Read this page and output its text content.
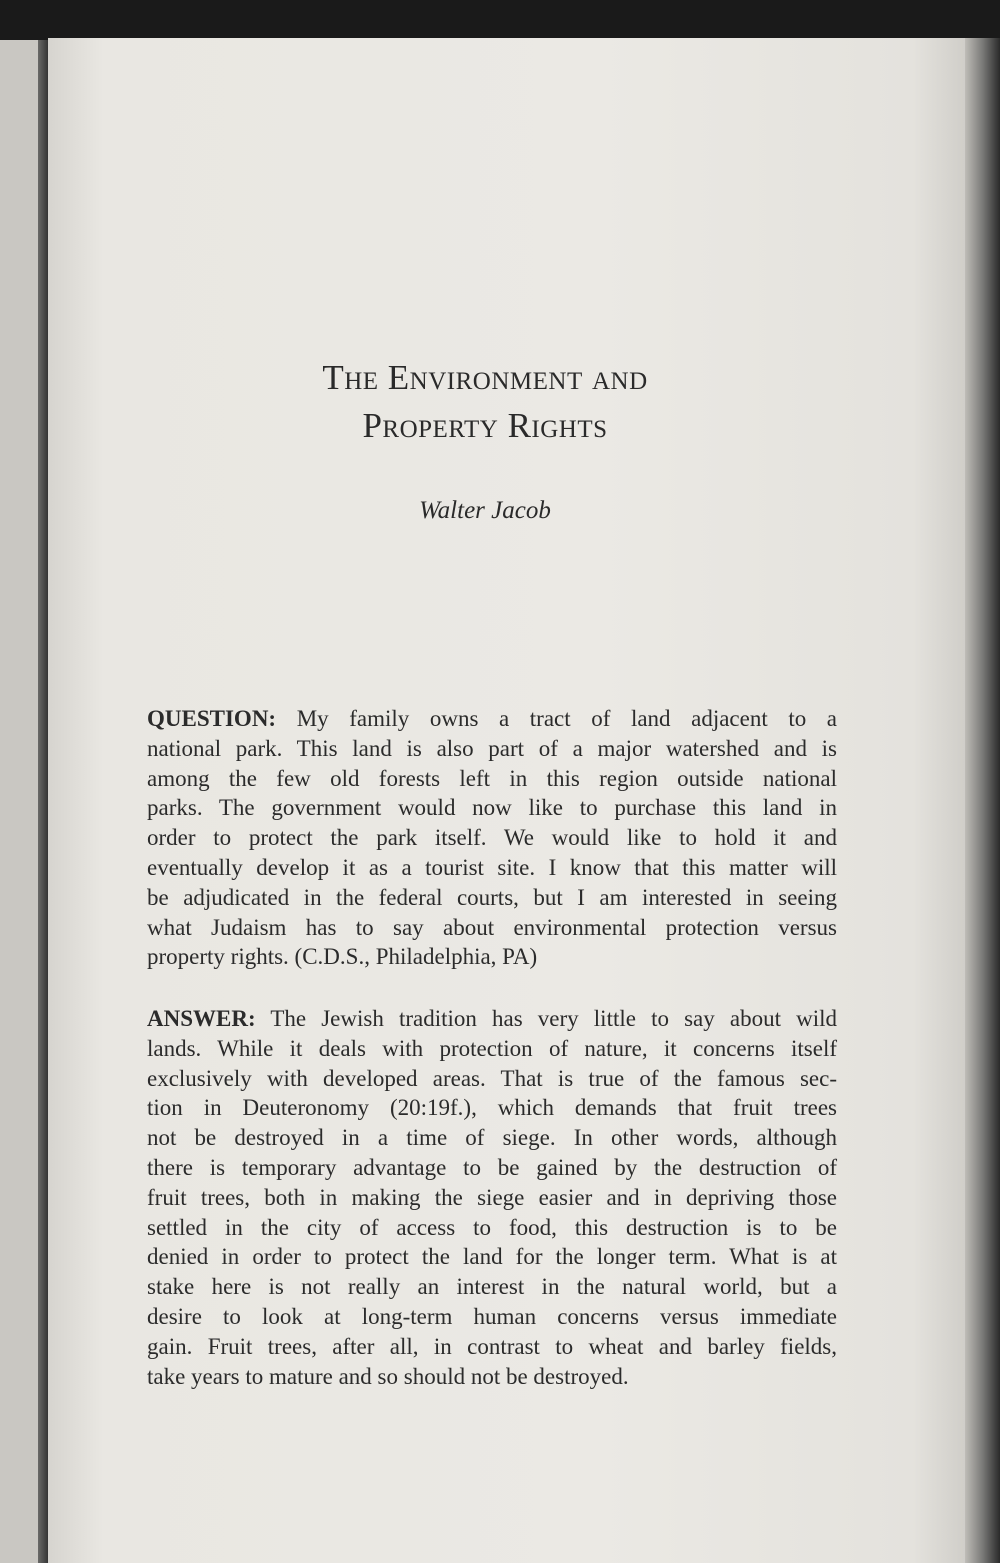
The Environment and
Property Rights
Walter Jacob
QUESTION: My family owns a tract of land adjacent to a
national park. This land is also part of a major watershed and is
among the few old forests left in this region outside national
parks. The government would now like to purchase this land in
order to protect the park itself. We would like to hold it and
eventually develop it as a tourist site. I know that this matter will
be adjudicated in the federal courts, but I am interested in seeing
what Judaism has to say about environmental protection versus
property rights. (C.D.S., Philadelphia, PA)
ANSWER: The Jewish tradition has very little to say about wild
lands. While it deals with protection of nature, it concerns itself
exclusively with developed areas. That is true of the famous sec-
tion in Deuteronomy (20:19f.), which demands that fruit trees
not be destroyed in a time of siege. In other words, although
there is temporary advantage to be gained by the destruction of
fruit trees, both in making the siege easier and in depriving those
settled in the city of access to food, this destruction is to be
denied in order to protect the land for the longer term. What is at
stake here is not really an interest in the natural world, but a
desire to look at long-term human concerns versus immediate
gain. Fruit trees, after all, in contrast to wheat and barley fields,
take years to mature and so should not be destroyed.
